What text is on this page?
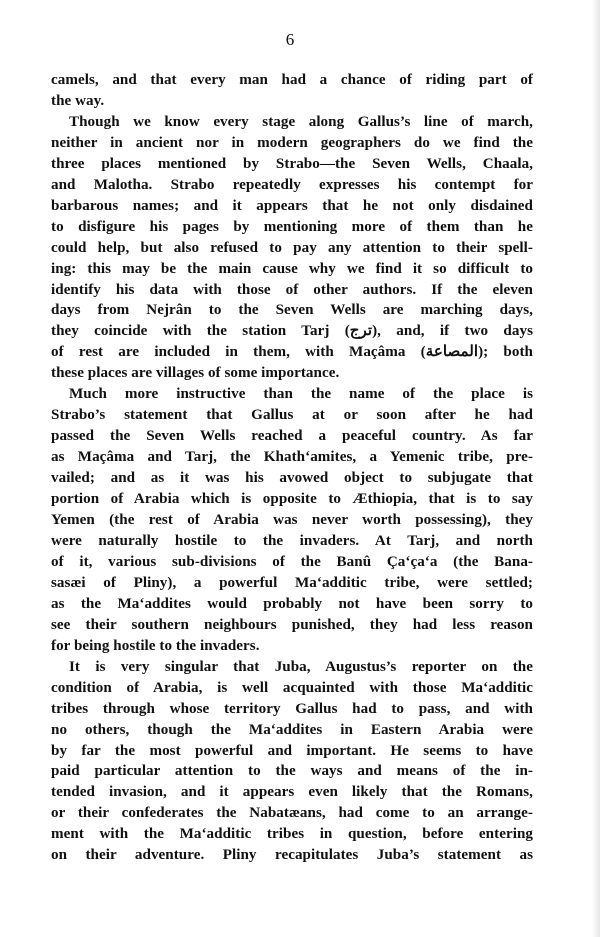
6
camels, and that every man had a chance of riding part of
the way.
Though we know every stage along Gallus’s line of march,
neither in ancient nor in modern geographers do we find the
three places mentioned by Strabo—the Seven Wells, Chaala,
and Malotha. Strabo repeatedly expresses his contempt for
barbarous names; and it appears that he not only disdained
to disfigure his pages by mentioning more of them than he
could help, but also refused to pay any attention to their spell-
ing: this may be the main cause why we find it so difficult to
identify his data with those of other authors. If the eleven
days from Nejrân to the Seven Wells are marching days,
they coincide with the station Tarj (ترج), and, if two days
of rest are included in them, with Maçâma (المصاعة); both
these places are villages of some importance.
Much more instructive than the name of the place is
Strabo’s statement that Gallus at or soon after he had
passed the Seven Wells reached a peaceful country. As far
as Maçâma and Tarj, the Khath‘amites, a Yemenic tribe, pre-
vailed; and as it was his avowed object to subjugate that
portion of Arabia which is opposite to Æthiopia, that is to say
Yemen (the rest of Arabia was never worth possessing), they
were naturally hostile to the invaders. At Tarj, and north
of it, various sub-divisions of the Banû Ça‘ça‘a (the Bana-
sasæi of Pliny), a powerful Ma‘additic tribe, were settled;
as the Ma‘addites would probably not have been sorry to
see their southern neighbours punished, they had less reason
for being hostile to the invaders.
It is very singular that Juba, Augustus’s reporter on the
condition of Arabia, is well acquainted with those Ma‘additic
tribes through whose territory Gallus had to pass, and with
no others, though the Ma‘addites in Eastern Arabia were
by far the most powerful and important. He seems to have
paid particular attention to the ways and means of the in-
tended invasion, and it appears even likely that the Romans,
or their confederates the Nabatæans, had come to an arrange-
ment with the Ma‘additic tribes in question, before entering
on their adventure. Pliny recapitulates Juba’s statement as
